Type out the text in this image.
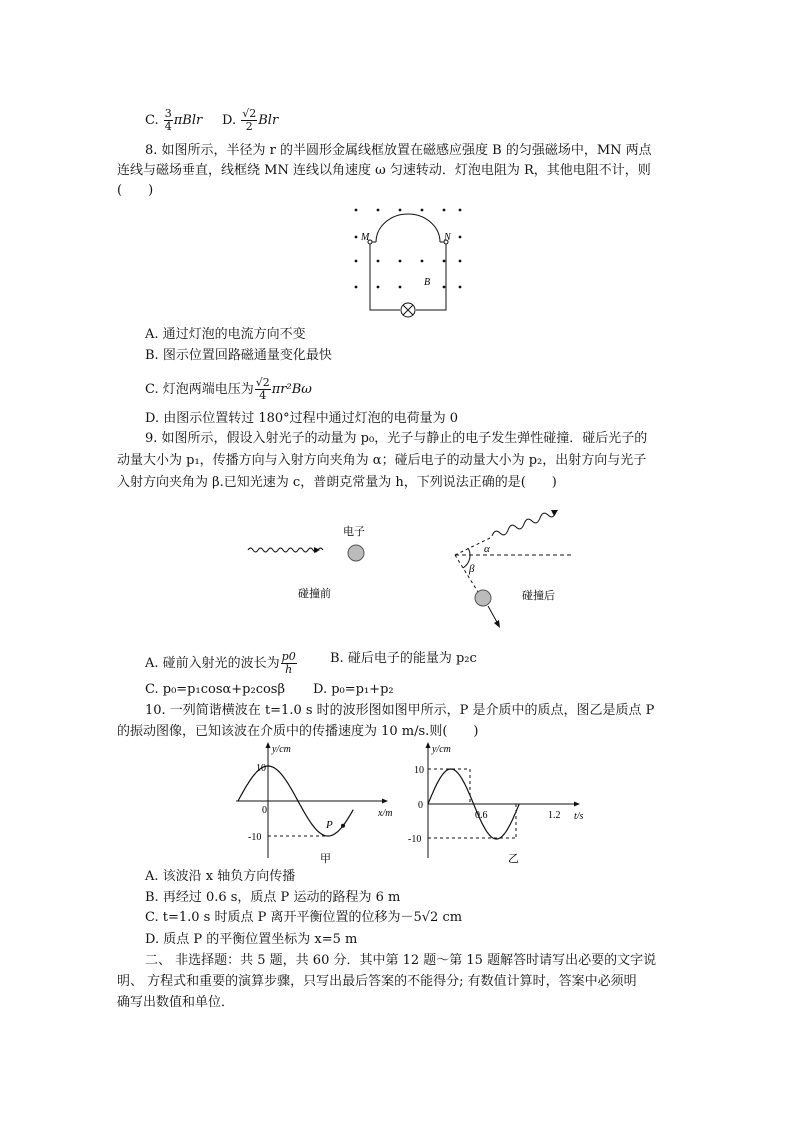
C. $\frac{3}{4}$ πBlr D. $\frac{√2}{2}$ Blr
8. 如图所示，半径为 r 的半圆形金属线框放置在磁感应强度 B 的匀强磁场中，MN 两点
连线与磁场垂直，线框绕 MN 连线以角速度 ω 匀速转动．灯泡电阻为 R，其他电阻不计，则
(　　)
M	N
B
A. 通过灯泡的电流方向不变
B. 图示位置回路磁通量变化最快
C. 灯泡两端电压为 $\frac{√2}{4} \pi r^2B\omega$
D. 由图示位置转过 180°过程中通过灯泡的电荷量为 0
9. 如图所示，假设入射光子的动量为 p₀，光子与静止的电子发生弹性碰撞．碰后光子的
动量大小为 p₁，传播方向与入射方向夹角为 α；碰后电子的动量大小为 p₂，出射方向与光子
入射方向夹角为 β.已知光速为 c，普朗克常量为 h，下列说法正确的是(　　)
电子
碰撞前
α
β
碰撞后
A. 碰前入射光的波长为 $\frac{p0}{h}$	B. 碰后电子的能量为 p₂c
C. p₀=p₁cosα+p₂cosβ D. p₀=p₁+p₂
10. 一列简谐横波在 t=1.0 s 时的波形图如图甲所示，P 是介质中的质点，图乙是质点 P
的振动图像，已知该波在介质中的传播速度为 10 m/s.则(　　)
y/cm
x/m
10
-10
0
P
甲
y/cm
t/s
10
0
-10
0.6	1.2
乙
A. 该波沿 x 轴负方向传播
B. 再经过 0.6 s，质点 P 运动的路程为 6 m
C. t=1.0 s 时质点 P 离开平衡位置的位移为－5√2 cm
D. 质点 P 的平衡位置坐标为 x=5 m
二、 非选择题：共 5 题，共 60 分．其中第 12 题～第 15 题解答时请写出必要的文字说
明、 方程式和重要的演算步骤，只写出最后答案的不能得分; 有数值计算时，答案中必须明
确写出数值和单位．
